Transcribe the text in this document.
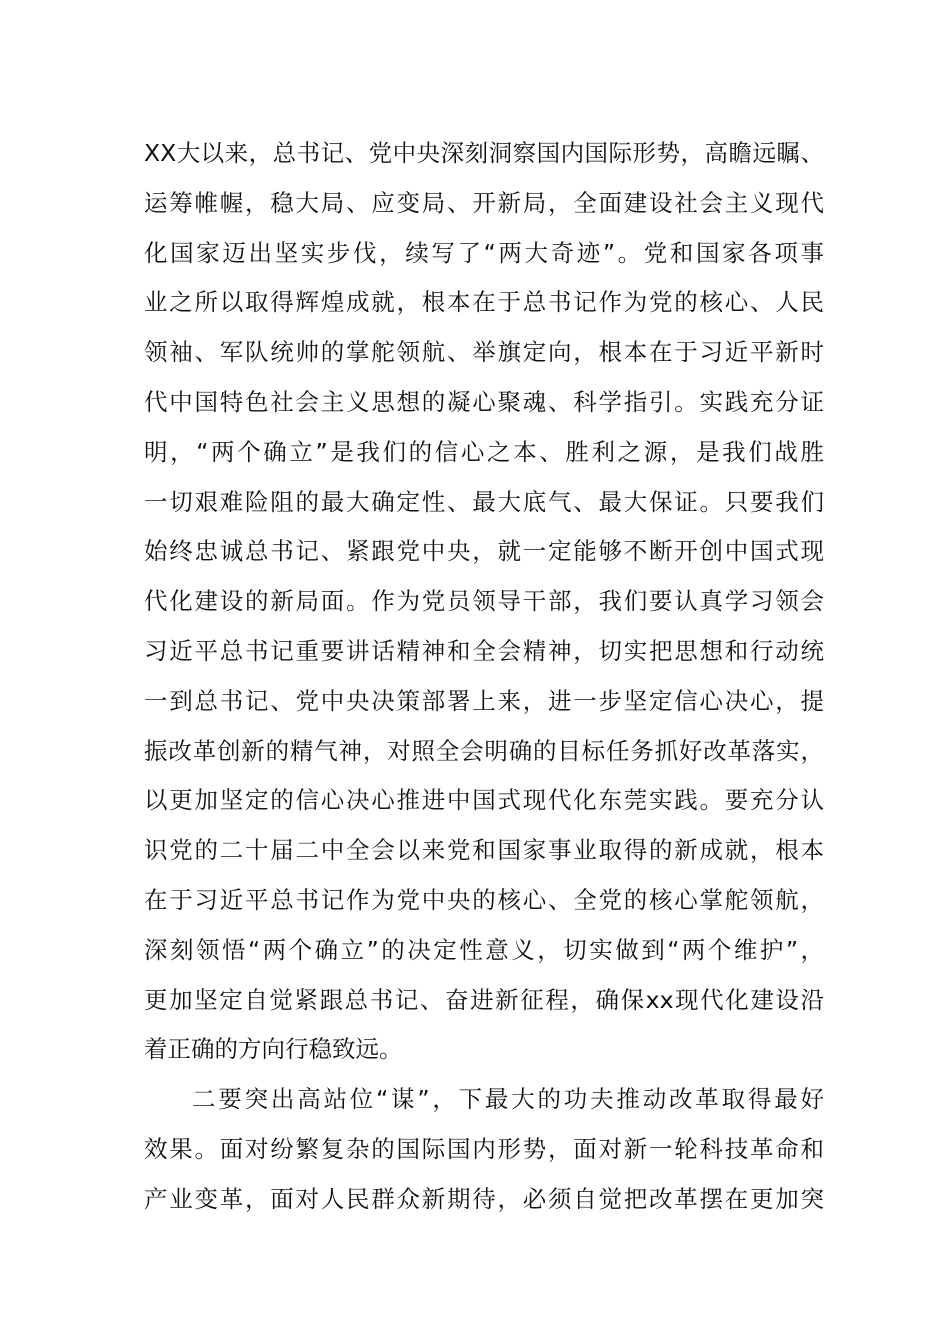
XX大以来，总书记、党中央深刻洞察国内国际形势，高瞻远瞩、
运筹帷幄，稳大局、应变局、开新局，全面建设社会主义现代
化国家迈出坚实步伐，续写了“两大奇迹”。党和国家各项事
业之所以取得辉煌成就，根本在于总书记作为党的核心、人民
领袖、军队统帅的掌舵领航、举旗定向，根本在于习近平新时
代中国特色社会主义思想的凝心聚魂、科学指引。实践充分证
明，“两个确立”是我们的信心之本、胜利之源，是我们战胜
一切艰难险阻的最大确定性、最大底气、最大保证。只要我们
始终忠诚总书记、紧跟党中央，就一定能够不断开创中国式现
代化建设的新局面。作为党员领导干部，我们要认真学习领会
习近平总书记重要讲话精神和全会精神，切实把思想和行动统
一到总书记、党中央决策部署上来，进一步坚定信心决心，提
振改革创新的精气神，对照全会明确的目标任务抓好改革落实，
以更加坚定的信心决心推进中国式现代化东莞实践。要充分认
识党的二十届二中全会以来党和国家事业取得的新成就，根本
在于习近平总书记作为党中央的核心、全党的核心掌舵领航，
深刻领悟“两个确立”的决定性意义，切实做到“两个维护”，
更加坚定自觉紧跟总书记、奋进新征程，确保xx现代化建设沿
着正确的方向行稳致远。
二要突出高站位“谋”，下最大的功夫推动改革取得最好
效果。面对纷繁复杂的国际国内形势，面对新一轮科技革命和
产业变革，面对人民群众新期待，必须自觉把改革摆在更加突
